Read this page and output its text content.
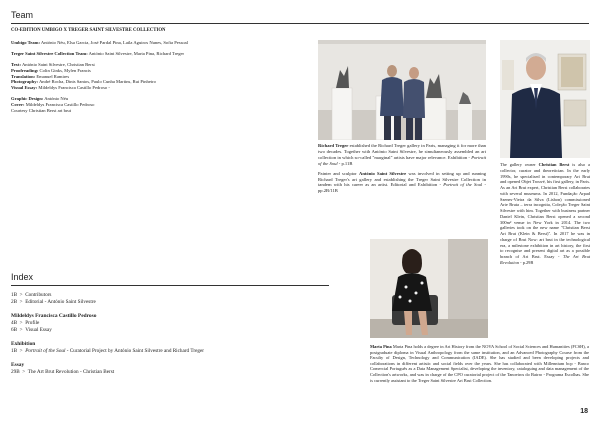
Team

CO-EDITION UMBIGO X TREGER SAINT SILVESTRE COLLECTION

Umbigo Team: António Néu, Elsa Garcia, José Pardal Pina, Laila Aguiros Nunes, Sofia Pessoal

Treger Saint Silvestre Collection Team: António Saint Silvestre, Marta Pina, Richard Treger

Text: António Saint Silvestre, Christian Berst

Proofreading: Colin Ginks, Mylen Francis

Translation: Emanuel Ramires

Photography: André Rocha, Dinis Santos, Paulo Cunha Martins, Rui Pinheiro

Visual Essay: Mildeldys Francisca Castillo Pedroso -

Graphic Design: António Néu

Cover: Mildeldys Francisca Castillo Pedroso

Courtesy Christian Berst art brut

Index

1B > Contributors

2B > Editorial - António Saint Silvestre

Mildeldys Francisca Castillo Pedroso

4B > Profile

6B > Visual Essay

Exhibition

1B > Portrait of the Soul - Curatorial Project by António Saint Silvestre and Richard Treger

Essay

29B > The Art Brut Revolution - Christian Berst

Richard Treger established the Richard Treger gallery in Paris, managing it for more than two decades. Together with António Saint Silvestre, he simultaneously assembled an art collection in which so-called "marginal" artists have major relevance. Exhibition - Portrait of the Soul - p.11B

Painter and sculptor António Saint Silvestre was involved in setting up and running Richard Treger's art gallery and establishing the Treger Saint Silvestre Collection in tandem with his career as an artist. Editorial and Exhibition - Portrait of the Soul - pp.2B/11B

The gallery owner Christian Berst is also a collector, curator and theoretician. In the early 1990s, he specialised in contemporary Art Brut and opened Objet Trouvé, his first gallery, in Paris. As an Art Brut expert, Christian Berst collaborates with several museums. In 2012, Fundação Arpad Szenes-Vieira da Silva (Lisbon) commissioned Arte Bruta – terra incognita, Coleção Treger Saint Silvestre with him. Together with business partner Daniel Klein, Christian Berst opened a second 300m² venue in New York in 2014. The two galleries took on the new name "Christian Berst Art Brut (Klein & Berst)". In 2017 he was in charge of Brut Now: art brut in the technological era, a milestone exhibition in art history, the first to recognise and present digital art as a possible branch of Art Brut. Essay - The Art Brut Revolution - p.29B

Marta Pina Marta Pina holds a degree in Art History from the NOVA School of Social Sciences and Humanities (FCSH), a postgraduate diploma in Visual Anthropology from the same institution, and an Advanced Photography Course from the Faculty of Design, Technology and Communication (IADE). She has studied and been developing projects and collaborations in different artistic and social fields over the years. She has collaborated with Millennium bcp - Banco Comercial Português as a Data Management Specialist, developing the inventory, cataloguing and data management of the Collection's artworks, and was in charge of the CPO curatorial project of the Tanoeiros do Bairro - Programa Escolhas. She is currently assistant to the Treger Saint Silvestre Art Brut Collection.

18
